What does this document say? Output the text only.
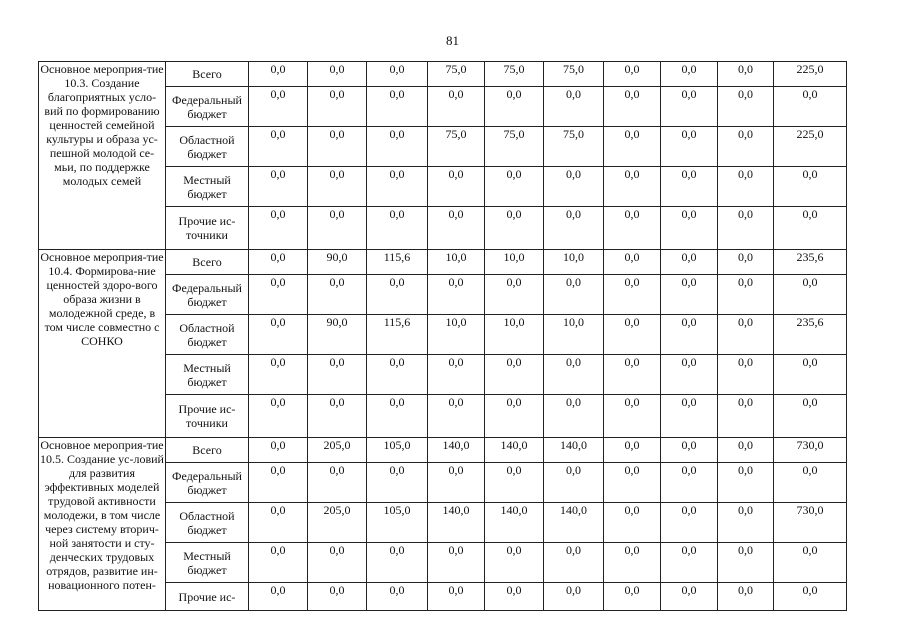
81
Основное мероприя-тие 10.3. Создание благоприятных усло-вий по формированию ценностей семейной культуры и образа ус-пешной молодой се-мьи, по поддержке молодых семей	Всего	0,0	0,0	0,0	75,0	75,0	75,0	0,0	0,0	0,0	225,0
	Федеральный бюджет	0,0	0,0	0,0	0,0	0,0	0,0	0,0	0,0	0,0	0,0
	Областной бюджет	0,0	0,0	0,0	75,0	75,0	75,0	0,0	0,0	0,0	225,0
	Местный бюджет	0,0	0,0	0,0	0,0	0,0	0,0	0,0	0,0	0,0	0,0
	Прочие ис-точники	0,0	0,0	0,0	0,0	0,0	0,0	0,0	0,0	0,0	0,0
Основное мероприя-тие 10.4. Формирова-ние ценностей здоро-вого образа жизни в молодежной среде, в том числе совместно с СОНКО	Всего	0,0	90,0	115,6	10,0	10,0	10,0	0,0	0,0	0,0	235,6
	Федеральный бюджет	0,0	0,0	0,0	0,0	0,0	0,0	0,0	0,0	0,0	0,0
	Областной бюджет	0,0	90,0	115,6	10,0	10,0	10,0	0,0	0,0	0,0	235,6
	Местный бюджет	0,0	0,0	0,0	0,0	0,0	0,0	0,0	0,0	0,0	0,0
	Прочие ис-точники	0,0	0,0	0,0	0,0	0,0	0,0	0,0	0,0	0,0	0,0
Основное мероприя-тие 10.5. Создание ус-ловий для развития эффективных моделей трудовой активности молодежи, в том числе через систему вторич-ной занятости и сту-денческих трудовых отрядов, развитие ин-новационного потен-	Всего	0,0	205,0	105,0	140,0	140,0	140,0	0,0	0,0	0,0	730,0
	Федеральный бюджет	0,0	0,0	0,0	0,0	0,0	0,0	0,0	0,0	0,0	0,0
	Областной бюджет	0,0	205,0	105,0	140,0	140,0	140,0	0,0	0,0	0,0	730,0
	Местный бюджет	0,0	0,0	0,0	0,0	0,0	0,0	0,0	0,0	0,0	0,0
	Прочие ис-	0,0	0,0	0,0	0,0	0,0	0,0	0,0	0,0	0,0	0,0
